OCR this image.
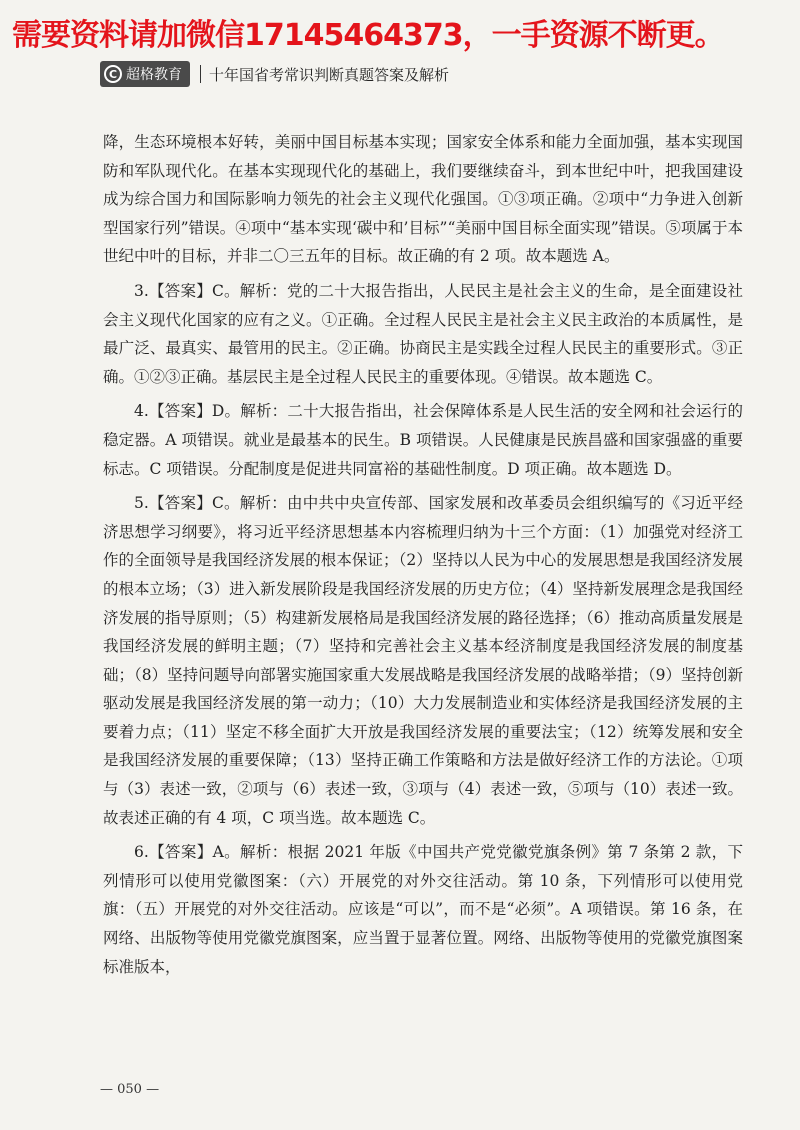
需要资料请加微信17145464373，一手资源不断更。
C 超格教育 十年国省考常识判断真题答案及解析

降，生态环境根本好转，美丽中国目标基本实现；国家安全体系和能力全面加强，基本实现国防和军队现代化。在基本实现现代化的基础上，我们要继续奋斗，到本世纪中叶，把我国建设成为综合国力和国际影响力领先的社会主义现代化强国。①③项正确。②项中“力争进入创新型国家行列”错误。④项中“基本实现‘碳中和’目标”“美丽中国目标全面实现”错误。⑤项属于本世纪中叶的目标，并非二〇三五年的目标。故正确的有 2 项。故本题选 A。

3.【答案】C。解析：党的二十大报告指出，人民民主是社会主义的生命，是全面建设社会主义现代化国家的应有之义。①正确。全过程人民民主是社会主义民主政治的本质属性，是最广泛、最真实、最管用的民主。②正确。协商民主是实践全过程人民民主的重要形式。③正确。①②③正确。基层民主是全过程人民民主的重要体现。④错误。故本题选 C。

4.【答案】D。解析：二十大报告指出，社会保障体系是人民生活的安全网和社会运行的稳定器。A 项错误。就业是最基本的民生。B 项错误。人民健康是民族昌盛和国家强盛的重要标志。C 项错误。分配制度是促进共同富裕的基础性制度。D 项正确。故本题选 D。

5.【答案】C。解析：由中共中央宣传部、国家发展和改革委员会组织编写的《习近平经济思想学习纲要》，将习近平经济思想基本内容梳理归纳为十三个方面：（1）加强党对经济工作的全面领导是我国经济发展的根本保证；（2）坚持以人民为中心的发展思想是我国经济发展的根本立场；（3）进入新发展阶段是我国经济发展的历史方位；（4）坚持新发展理念是我国经济发展的指导原则；（5）构建新发展格局是我国经济发展的路径选择；（6）推动高质量发展是我国经济发展的鲜明主题；（7）坚持和完善社会主义基本经济制度是我国经济发展的制度基础；（8）坚持问题导向部署实施国家重大发展战略是我国经济发展的战略举措；（9）坚持创新驱动发展是我国经济发展的第一动力；（10）大力发展制造业和实体经济是我国经济发展的主要着力点；（11）坚定不移全面扩大开放是我国经济发展的重要法宝；（12）统筹发展和安全是我国经济发展的重要保障；（13）坚持正确工作策略和方法是做好经济工作的方法论。①项与（3）表述一致，②项与（6）表述一致，③项与（4）表述一致，⑤项与（10）表述一致。故表述正确的有 4 项，C 项当选。故本题选 C。

6.【答案】A。解析：根据 2021 年版《中国共产党党徽党旗条例》第 7 条第 2 款，下列情形可以使用党徽图案：（六）开展党的对外交往活动。第 10 条，下列情形可以使用党旗：（五）开展党的对外交往活动。应该是“可以”，而不是“必须”。A 项错误。第 16 条，在网络、出版物等使用党徽党旗图案，应当置于显著位置。网络、出版物等使用的党徽党旗图案标准版本，

— 050 —
